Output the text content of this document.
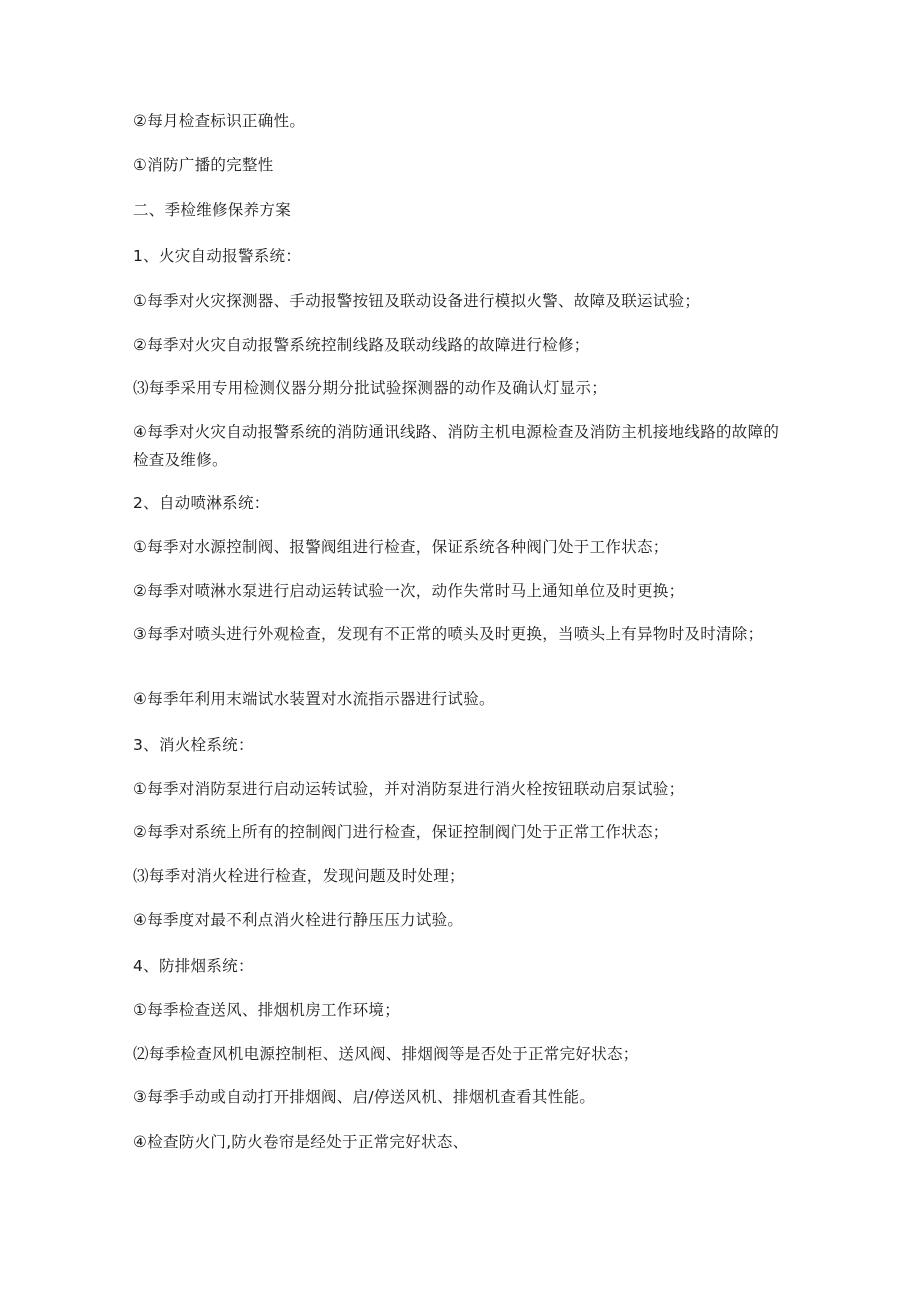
②每月检查标识正确性。

①消防广播的完整性

二、季检维修保养方案

1、火灾自动报警系统：

①每季对火灾探测器、手动报警按钮及联动设备进行模拟火警、故障及联运试验；

②每季对火灾自动报警系统控制线路及联动线路的故障进行检修；

⑶每季采用专用检测仪器分期分批试验探测器的动作及确认灯显示；

④每季对火灾自动报警系统的消防通讯线路、消防主机电源检查及消防主机接地线路的故障的检查及维修。

2、自动喷淋系统：

①每季对水源控制阀、报警阀组进行检查，保证系统各种阀门处于工作状态；

②每季对喷淋水泵进行启动运转试验一次，动作失常时马上通知单位及时更换；

③每季对喷头进行外观检查，发现有不正常的喷头及时更换，当喷头上有异物时及时清除；

④每季年利用末端试水装置对水流指示器进行试验。

3、消火栓系统：

①每季对消防泵进行启动运转试验，并对消防泵进行消火栓按钮联动启泵试验；

②每季对系统上所有的控制阀门进行检查，保证控制阀门处于正常工作状态；

⑶每季对消火栓进行检查，发现问题及时处理；

④每季度对最不利点消火栓进行静压压力试验。

4、防排烟系统：

①每季检查送风、排烟机房工作环境；

⑵每季检查风机电源控制柜、送风阀、排烟阀等是否处于正常完好状态；

③每季手动或自动打开排烟阀、启/停送风机、排烟机查看其性能。

④检查防火门,防火卷帘是经处于正常完好状态、
